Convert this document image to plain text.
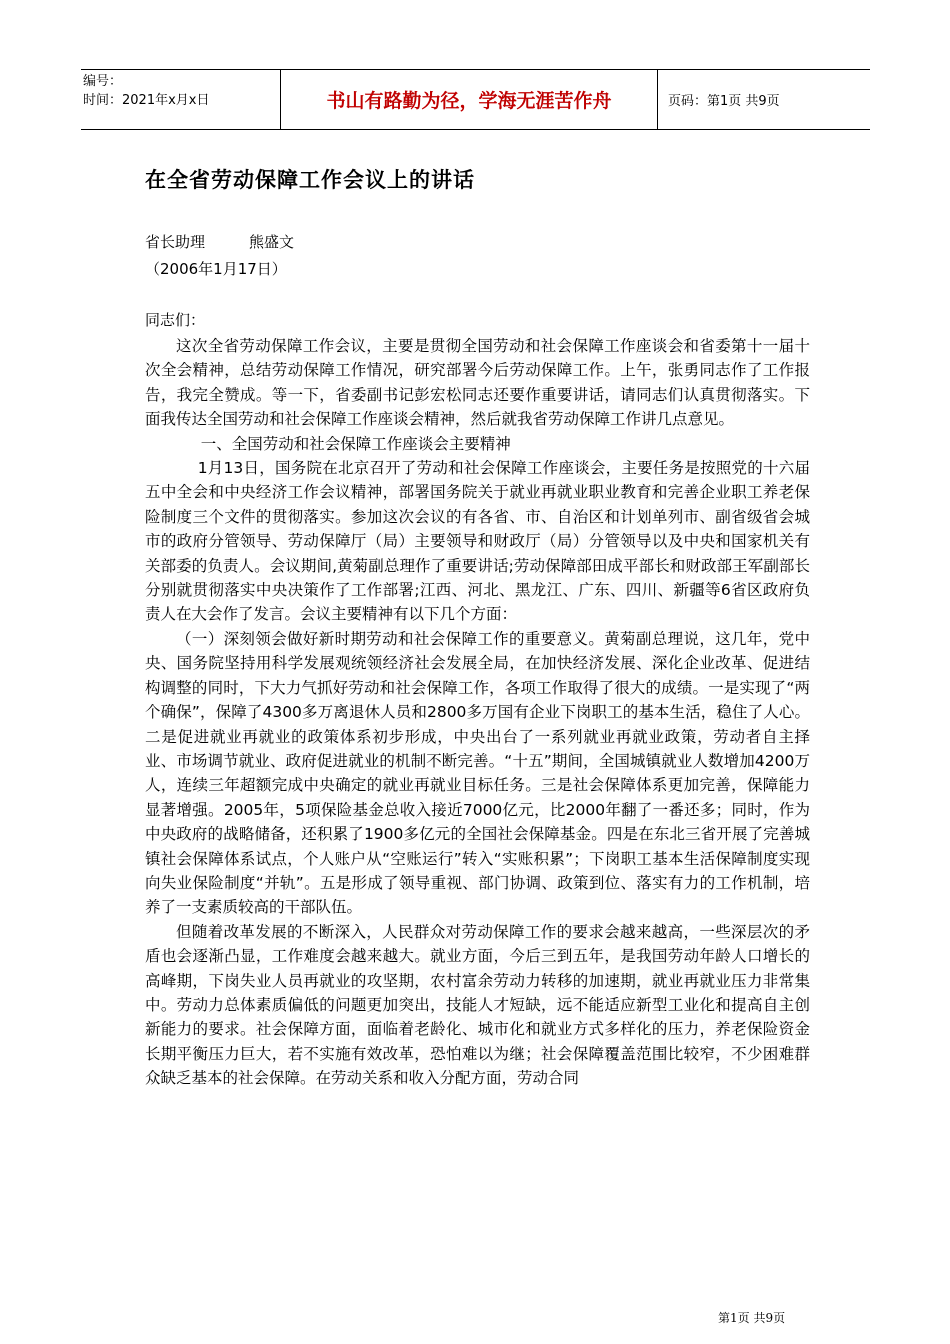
编号：
时间：2021年x月x日	书山有路勤为径，学海无涯苦作舟	页码：第1页 共9页
在全省劳动保障工作会议上的讲话
省长助理	熊盛文
（2006年1月17日）
同志们：

这次全省劳动保障工作会议，主要是贯彻全国劳动和社会保障工作座谈会和省委第十一届十次全会精神，总结劳动保障工作情况，研究部署今后劳动保障工作。上午，张勇同志作了工作报告，我完全赞成。等一下，省委副书记彭宏松同志还要作重要讲话，请同志们认真贯彻落实。下面我传达全国劳动和社会保障工作座谈会精神，然后就我省劳动保障工作讲几点意见。

一、全国劳动和社会保障工作座谈会主要精神

1月13日，国务院在北京召开了劳动和社会保障工作座谈会，主要任务是按照党的十六届五中全会和中央经济工作会议精神，部署国务院关于就业再就业职业教育和完善企业职工养老保险制度三个文件的贯彻落实。参加这次会议的有各省、市、自治区和计划单列市、副省级省会城市的政府分管领导、劳动保障厅（局）主要领导和财政厅（局）分管领导以及中央和国家机关有关部委的负责人。会议期间,黄菊副总理作了重要讲话;劳动保障部田成平部长和财政部王军副部长分别就贯彻落实中央决策作了工作部署;江西、河北、黑龙江、广东、四川、新疆等6省区政府负责人在大会作了发言。会议主要精神有以下几个方面：

（一）深刻领会做好新时期劳动和社会保障工作的重要意义。黄菊副总理说，这几年，党中央、国务院坚持用科学发展观统领经济社会发展全局，在加快经济发展、深化企业改革、促进结构调整的同时，下大力气抓好劳动和社会保障工作，各项工作取得了很大的成绩。一是实现了“两个确保”，保障了4300多万离退休人员和2800多万国有企业下岗职工的基本生活，稳住了人心。二是促进就业再就业的政策体系初步形成，中央出台了一系列就业再就业政策，劳动者自主择业、市场调节就业、政府促进就业的机制不断完善。“十五”期间，全国城镇就业人数增加4200万人，连续三年超额完成中央确定的就业再就业目标任务。三是社会保障体系更加完善，保障能力显著增强。2005年，5项保险基金总收入接近7000亿元，比2000年翻了一番还多；同时，作为中央政府的战略储备，还积累了1900多亿元的全国社会保障基金。四是在东北三省开展了完善城镇社会保障体系试点，个人账户从“空账运行”转入“实账积累”；下岗职工基本生活保障制度实现向失业保险制度“并轨”。五是形成了领导重视、部门协调、政策到位、落实有力的工作机制，培养了一支素质较高的干部队伍。

但随着改革发展的不断深入，人民群众对劳动保障工作的要求会越来越高，一些深层次的矛盾也会逐渐凸显，工作难度会越来越大。就业方面，今后三到五年，是我国劳动年龄人口增长的高峰期，下岗失业人员再就业的攻坚期，农村富余劳动力转移的加速期，就业再就业压力非常集中。劳动力总体素质偏低的问题更加突出，技能人才短缺，远不能适应新型工业化和提高自主创新能力的要求。社会保障方面，面临着老龄化、城市化和就业方式多样化的压力，养老保险资金长期平衡压力巨大，若不实施有效改革，恐怕难以为继；社会保障覆盖范围比较窄，不少困难群众缺乏基本的社会保障。在劳动关系和收入分配方面，劳动合同

第1页 共9页
